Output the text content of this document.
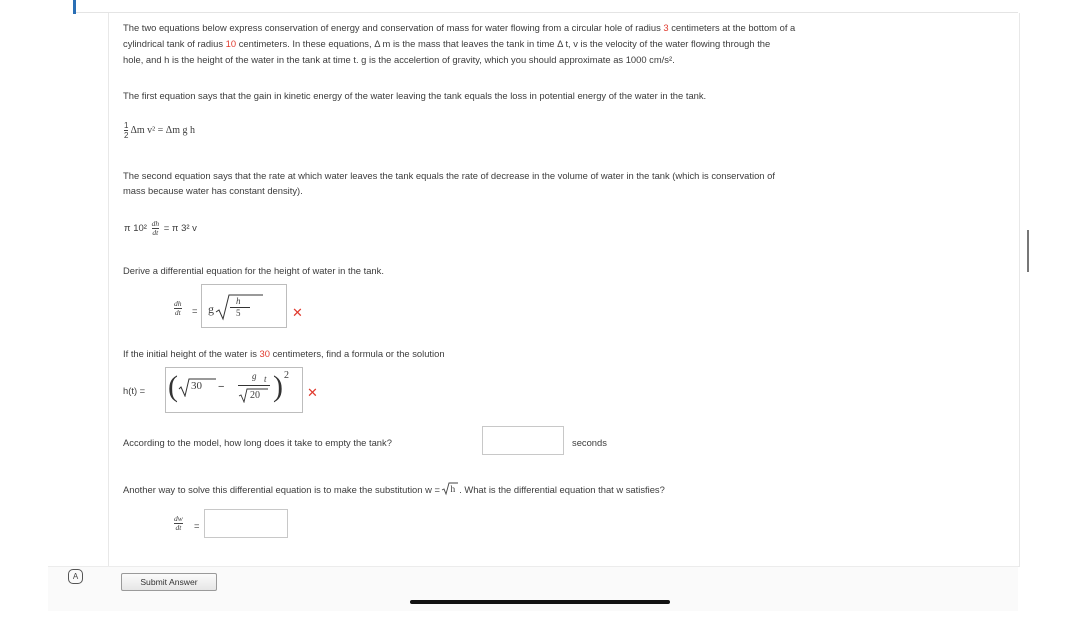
The two equations below express conservation of energy and conservation of mass for water flowing from a circular hole of radius 3 centimeters at the bottom of a
cylindrical tank of radius 10 centimeters. In these equations, Δ m is the mass that leaves the tank in time Δ t, v is the velocity of the water flowing through the
hole, and h is the height of the water in the tank at time t. g is the accelertion of gravity, which you should approximate as 1000 cm/s².
The first equation says that the gain in kinetic energy of the water leaving the tank equals the loss in potential energy of the water in the tank.
$\frac{1}{2}$ Δm v² = Δm g h
The second equation says that the rate at which water leaves the tank equals the rate of decrease in the volume of water in the tank (which is conservation of
mass because water has constant density).
π $10^2 \frac{dh}{dt} = \pi$ 3² v
Derive a differential equation for the height of water in the tank.
dh
dt = g
h
5	✕
If the initial height of the water is 30 centimeters, find a formula or the solution
h(t) = ( 30 −
g t
20 ) 2
✕
According to the model, how long does it take to empty the tank?	seconds
Another way to solve this differential equation is to make the substitution w = h . What is the differential equation that w satisfies?
dw
dt =
A
Submit Answer
